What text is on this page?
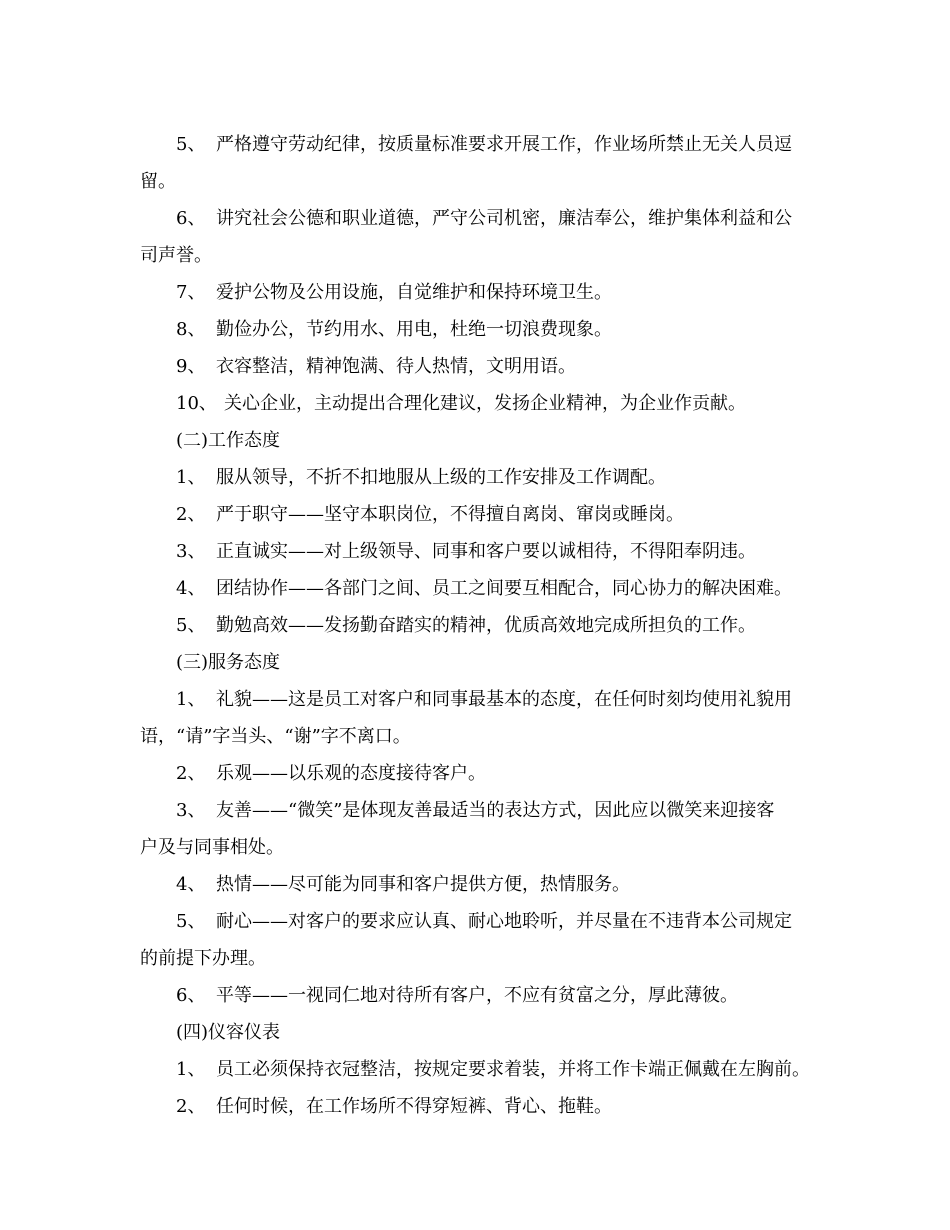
5、 严格遵守劳动纪律，按质量标准要求开展工作，作业场所禁止无关人员逗
留。
6、 讲究社会公德和职业道德，严守公司机密，廉洁奉公，维护集体利益和公
司声誉。
7、 爱护公物及公用设施，自觉维护和保持环境卫生。
8、 勤俭办公，节约用水、用电，杜绝一切浪费现象。
9、 衣容整洁，精神饱满、待人热情，文明用语。
10、 关心企业，主动提出合理化建议，发扬企业精神，为企业作贡献。
(二)工作态度
1、 服从领导，不折不扣地服从上级的工作安排及工作调配。
2、 严于职守——坚守本职岗位，不得擅自离岗、窜岗或睡岗。
3、 正直诚实——对上级领导、同事和客户要以诚相待，不得阳奉阴违。
4、 团结协作——各部门之间、员工之间要互相配合，同心协力的解决困难。
5、 勤勉高效——发扬勤奋踏实的精神，优质高效地完成所担负的工作。
(三)服务态度
1、 礼貌——这是员工对客户和同事最基本的态度，在任何时刻均使用礼貌用
语，“请”字当头、“谢”字不离口。
2、 乐观——以乐观的态度接待客户。
3、 友善——“微笑”是体现友善最适当的表达方式，因此应以微笑来迎接客
户及与同事相处。
4、 热情——尽可能为同事和客户提供方便，热情服务。
5、 耐心——对客户的要求应认真、耐心地聆听，并尽量在不违背本公司规定
的前提下办理。
6、 平等——一视同仁地对待所有客户，不应有贫富之分，厚此薄彼。
(四)仪容仪表
1、 员工必须保持衣冠整洁，按规定要求着装，并将工作卡端正佩戴在左胸前。
2、 任何时候，在工作场所不得穿短裤、背心、拖鞋。
